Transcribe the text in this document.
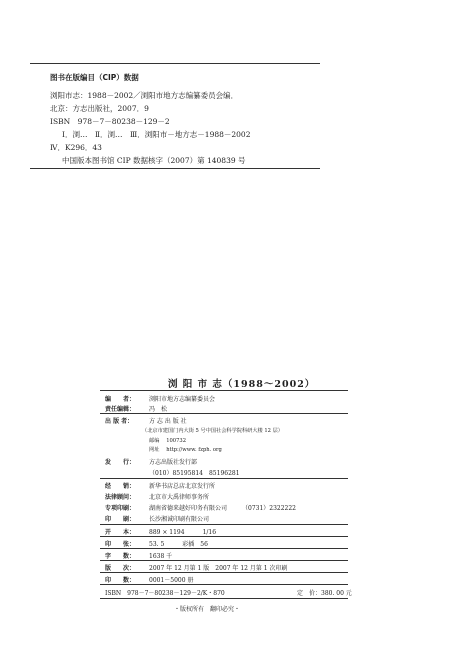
图书在版编目（CIP）数据
浏阳市志：1988－2002／浏阳市地方志编纂委员会编．
北京：方志出版社，2007．9
ISBN　978－7－80238－129－2
Ⅰ．浏…　Ⅱ．浏…　Ⅲ．浏阳市－地方志－1988－2002
Ⅳ．K296．43
中国版本图书馆 CIP 数据核字（2007）第 140839 号
浏 阳 市 志（1988～2002）
编　　者： 浏阳市地方志编纂委员会
责任编辑： 冯　松
出 版 者：	方 志 出 版 社
（北京市建国门内大街 5 号中国社会科学院科研大楼 12 层）
邮编　 100732
网址　 http://www. fzph. org
发　　行： 方志出版社发行部
（010）85195814　85196281
经　　销： 新华书店总店北京发行所
法律顾问： 北京市大禹律师事务所
专项印刷： 湖南省德来越好印务有限公司　　　（0731）2322222
印　　刷： 长沙湘诚印刷有限公司
开　　本： 889 × 1194　　　1/16
印　　张： 53. 5　　　彩插　56
字　　数： 1638 千
版　　次： 2007 年 12 月第 1 版　2007 年 12 月第 1 次印刷
印　　数： 0001－5000 册
ISBN　978－7－80238－129－2/K・870	定　价：380. 00 元
・版权所有　翻印必究・
